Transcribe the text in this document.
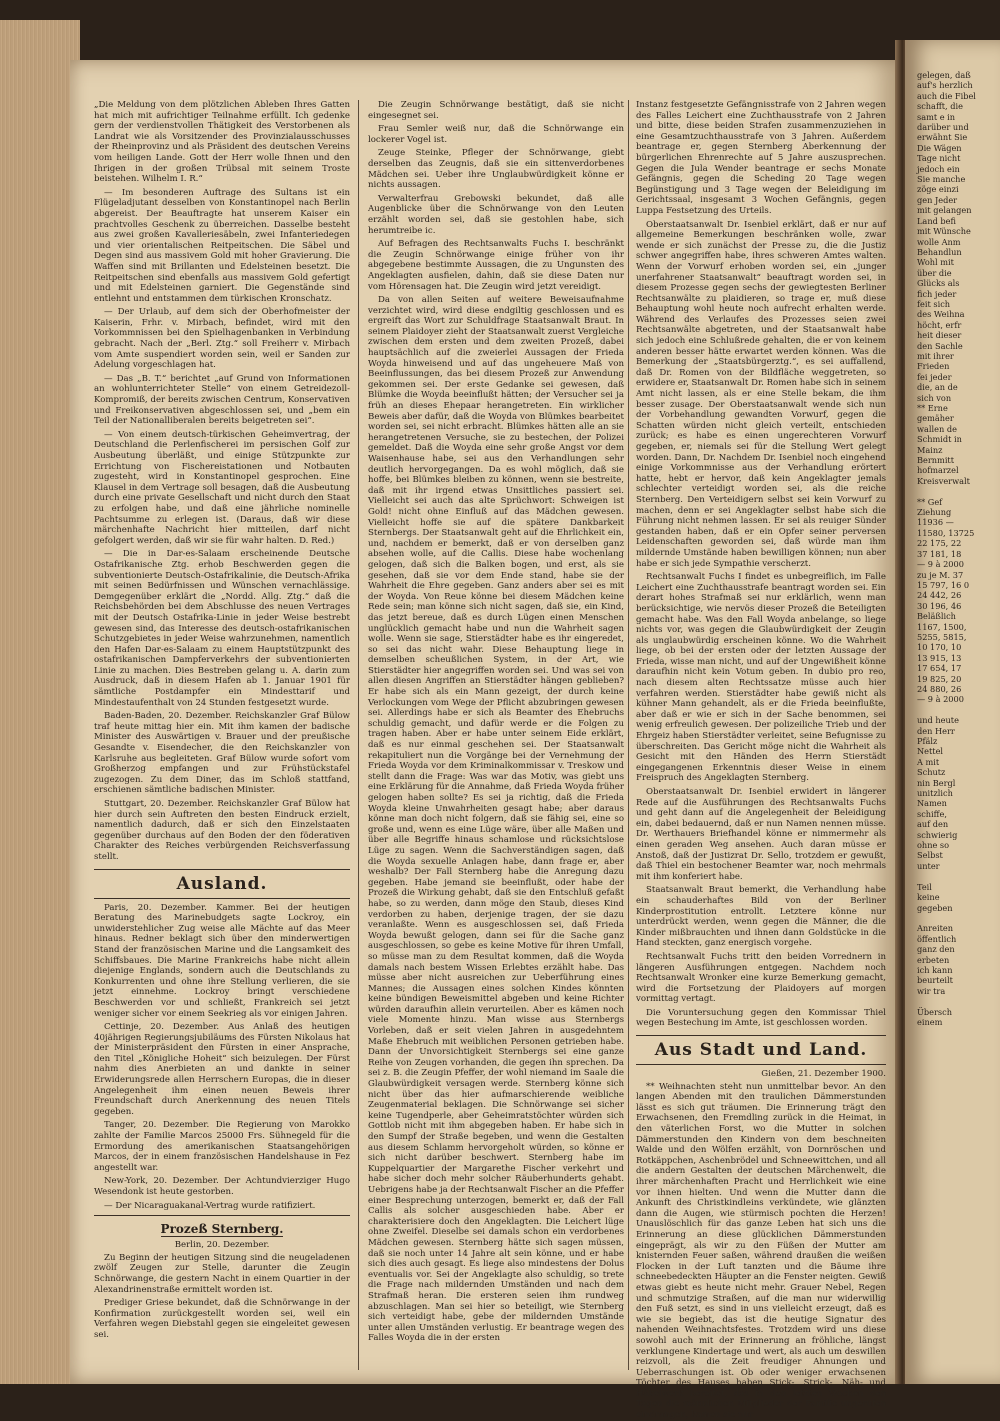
„Die Meldung von dem plötzlichen Ableben Ihres Gatten hat mich mit aufrichtiger Teilnahme erfüllt. Ich gedenke gern der verdienstvollen Thätigkeit des Verstorbenen als Landrat wie als Vorsitzender des Provinzialausschusses der Rheinprovinz und als Präsident des deutschen Vereins vom heiligen Lande. Gott der Herr wolle Ihnen und den Ihrigen in der großen Trübsal mit seinem Troste beistehen. Wilhelm I. R.“

— Im besonderen Auftrage des Sultans ist ein Flügeladjutant desselben von Konstantinopel nach Berlin abgereist. Der Beauftragte hat unserem Kaiser ein prachtvolles Geschenk zu überreichen. Dasselbe besteht aus zwei großen Kavalleriesäbeln, zwei Infanteriedegen und vier orientalischen Reitpeitschen. Die Säbel und Degen sind aus massivem Gold mit hoher Gravierung. Die Waffen sind mit Brillanten und Edelsteinen besetzt. Die Reitpeitschen sind ebenfalls aus massivem Gold gefertigt und mit Edelsteinen garniert. Die Gegenstände sind entlehnt und entstammen dem türkischen Kronschatz.

— Der Urlaub, auf dem sich der Oberhofmeister der Kaiserin, Frhr. v. Mirbach, befindet, wird mit den Vorkommnissen bei den Spielhagenbanken in Verbindung gebracht. Nach der „Berl. Ztg.“ soll Freiherr v. Mirbach vom Amte suspendiert worden sein, weil er Sanden zur Adelung vorgeschlagen hat.

— Das „B. T.“ berichtet „auf Grund von Informationen an wohlunterrichteter Stelle“ von einem Getreidezoll-Kompromiß, der bereits zwischen Centrum, Konservativen und Freikonservativen abgeschlossen sei, und „bem ein Teil der Nationalliberalen bereits beigetreten sei“.

— Von einem deutsch-türkischen Geheimvertrag, der Deutschland die Perlenfischerei im persischen Golf zur Ausbeutung überläßt, und einige Stützpunkte zur Errichtung von Fischereistationen und Notbauten zugesteht, wird in Konstantinopel gesprochen. Eine Klausel in dem Vertrage soll besagen, daß die Ausbeutung durch eine private Gesellschaft und nicht durch den Staat zu erfolgen habe, und daß eine jährliche nominelle Pachtsumme zu erlegen ist. (Daraus, daß wir diese märchenhafte Nachricht hier mitteilen, darf nicht gefolgert werden, daß wir sie für wahr halten. D. Red.)

— Die in Dar-es-Salaam erscheinende Deutsche Ostafrikanische Ztg. erhob Beschwerden gegen die subventionierte Deutsch-Ostafrikalinie, die Deutsch-Afrika mit seinen Bedürfnissen und Wünschen vernachlässige. Demgegenüber erklärt die „Nordd. Allg. Ztg.“ daß die Reichsbehörden bei dem Abschlusse des neuen Vertrages mit der Deutsch Ostafrika-Linie in jeder Weise bestrebt gewesen sind, das Interesse des deutsch-ostafrikanischen Schutzgebietes in jeder Weise wahrzunehmen, namentlich den Hafen Dar-es-Salaam zu einem Hauptstützpunkt des ostafrikanischen Dampferverkehrs der subventionierten Linie zu machen. Dies Bestreben gelang u. A. darin zum Ausdruck, daß in diesem Hafen ab 1. Januar 1901 für sämtliche Postdampfer ein Mindesttarif und Mindestaufenthalt von 24 Stunden festgesetzt wurde.

Baden-Baden, 20. Dezember. Reichskanzler Graf Bülow traf heute mittag hier ein. Mit ihm kamen der badische Minister des Auswärtigen v. Brauer und der preußische Gesandte v. Eisendecher, die den Reichskanzler von Karlsruhe aus begleiteten. Graf Bülow wurde sofort vom Großherzog empfangen und zur Frühstückstafel zugezogen. Zu dem Diner, das im Schloß stattfand, erschienen sämtliche badischen Minister.

Stuttgart, 20. Dezember. Reichskanzler Graf Bülow hat hier durch sein Auftreten den besten Eindruck erzielt, namentlich dadurch, daß er sich den Einzelstaaten gegenüber durchaus auf den Boden der den föderativen Charakter des Reiches verbürgenden Reichsverfassung stellt.

Ausland.

Paris, 20. Dezember. Kammer. Bei der heutigen Beratung des Marinebudgets sagte Lockroy, ein unwiderstehlicher Zug weise alle Mächte auf das Meer hinaus. Redner beklagt sich über den minderwertigen Stand der französischen Marine und die Langsamkeit des Schiffsbaues. Die Marine Frankreichs habe nicht allein diejenige Englands, sondern auch die Deutschlands zu Konkurrenten und ohne ihre Stellung verlieren, die sie jetzt einnehme. Lockroy bringt verschiedene Beschwerden vor und schließt, Frankreich sei jetzt weniger sicher vor einem Seekrieg als vor einigen Jahren.

Cettinje, 20. Dezember. Aus Anlaß des heutigen 40jährigen Regierungsjubiläums des Fürsten Nikolaus hat der Ministerpräsident den Fürsten in einer Ansprache, den Titel „Königliche Hoheit“ sich beizulegen. Der Fürst nahm dies Anerbieten an und dankte in seiner Erwiderungsrede allen Herrschern Europas, die in dieser Angelegenheit ihm einen neuen Beweis ihrer Freundschaft durch Anerkennung des neuen Titels gegeben.

Tanger, 20. Dezember. Die Regierung von Marokko zahlte der Familie Marcos 25000 Frs. Sühnegeld für die Ermordung des amerikanischen Staatsangehörigen Marcos, der in einem französischen Handelshause in Fez angestellt war.

New-York, 20. Dezember. Der Achtundvierziger Hugo Wesendonk ist heute gestorben.

— Der Nicaraguakanal-Vertrag wurde ratifiziert.

Prozeß Sternberg.
Berlin, 20. Dezember.

Zu Beginn der heutigen Sitzung sind die neugeladenen zwölf Zeugen zur Stelle, darunter die Zeugin Schnörwange, die gestern Nacht in einem Quartier in der Alexandrinenstraße ermittelt worden ist.

Prediger Griese bekundet, daß die Schnörwange in der Konfirmation zurückgestellt worden sei, weil ein Verfahren wegen Diebstahl gegen sie eingeleitet gewesen sei.

Die Zeugin Schnörwange bestätigt, daß sie nicht eingesegnet sei.

Frau Semler weiß nur, daß die Schnörwange ein lockerer Vogel ist.

Zeuge Steinke, Pfleger der Schnörwange, giebt derselben das Zeugnis, daß sie ein sittenverdorbenes Mädchen sei. Ueber ihre Unglaubwürdigkeit könne er nichts aussagen.

Verwalterfrau Grebowski bekundet, daß alle Augenblicke über die Schnörwange von den Leuten erzählt worden sei, daß sie gestohlen habe, sich herumtreibe ic.

Auf Befragen des Rechtsanwalts Fuchs I. beschränkt die Zeugin Schnörwange einige früher von ihr abgegebene bestimmte Aussagen, die zu Ungunsten des Angeklagten ausfielen, dahin, daß sie diese Daten nur vom Hörensagen hat. Die Zeugin wird jetzt vereidigt.

Da von allen Seiten auf weitere Beweisaufnahme verzichtet wird, wird diese endgiltig geschlossen und es ergreift das Wort zur Schuldfrage Staatsanwalt Braut. In seinem Plaidoyer zieht der Staatsanwalt zuerst Vergleiche zwischen dem ersten und dem zweiten Prozeß, dabei hauptsächlich auf die zweierlei Aussagen der Frieda Woyda hinweisend und auf das ungeheuere Maß von Beeinflussungen, das bei diesem Prozeß zur Anwendung gekommen sei. Der erste Gedanke sei gewesen, daß Blümke die Woyda beeinflußt hätten; der Versucher sei ja früh an dieses Ehepaar herangetreten. Ein wirklicher Beweis aber dafür, daß die Woyda von Blümkes bearbeitet worden sei, sei nicht erbracht. Blümkes hätten alle an sie herangetretenen Versuche, sie zu bestechen, der Polizei gemeldet. Daß die Woyda eine sehr große Angst vor dem Waisenhause habe, sei aus den Verhandlungen sehr deutlich hervorgegangen. Da es wohl möglich, daß sie hoffe, bei Blümkes bleiben zu können, wenn sie bestreite, daß mit ihr irgend etwas Unsittliches passiert sei. Vielleicht sei auch das alte Sprüchwort: Schweigen ist Gold! nicht ohne Einfluß auf das Mädchen gewesen. Vielleicht hoffe sie auf die spätere Dankbarkeit Sternbergs. Der Staatsanwalt geht auf die Ehrlichkeit ein, und, nachdem er bemerkt, daß er von derselben ganz absehen wolle, auf die Callis. Diese habe wochenlang gelogen, daß sich die Balken bogen, und erst, als sie gesehen, daß sie vor dem Ende stand, habe sie der Wahrheit die Ehre gegeben. Ganz anders aber sei es mit der Woyda. Von Reue könne bei diesem Mädchen keine Rede sein; man könne sich nicht sagen, daß sie, ein Kind, das jetzt bereue, daß es durch Lügen einen Menschen unglücklich gemacht habe und nun die Wahrheit sagen wolle. Wenn sie sage, Stierstädter habe es ihr eingeredet, so sei das nicht wahr. Diese Behauptung liege in demselben scheußlichen System, in der Art, wie Stierstädter hier angegriffen worden sei. Und was sei von allen diesen Angriffen an Stierstädter hängen geblieben? Er habe sich als ein Mann gezeigt, der durch keine Verlockungen vom Wege der Pflicht abzubringen gewesen sei. Allerdings habe er sich als Beamter des Ehebruchs schuldig gemacht, und dafür werde er die Folgen zu tragen haben. Aber er habe unter seinem Eide erklärt, daß es nur einmal geschehen sei. Der Staatsanwalt rekapituliert nun die Vorgänge bei der Vernehmung der Frieda Woyda vor dem Kriminalkommissar v. Treskow und stellt dann die Frage: Was war das Motiv, was giebt uns eine Erklärung für die Annahme, daß Frieda Woyda früher gelogen haben sollte? Es sei ja richtig, daß die Frieda Woyda kleine Unwahrheiten gesagt habe; aber daraus könne man doch nicht folgern, daß sie fähig sei, eine so große und, wenn es eine Lüge wäre, über alle Maßen und über alle Begriffe hinaus schamlose und rücksichtslose Lüge zu sagen. Wenn die Sachverständigen sagen, daß die Woyda sexuelle Anlagen habe, dann frage er, aber weshalb? Der Fall Sternberg habe die Anregung dazu gegeben. Habe jemand sie beeinflußt, oder habe der Prozeß die Wirkung gehabt, daß sie den Entschluß gefaßt habe, so zu werden, dann möge den Staub, dieses Kind verdorben zu haben, derjenige tragen, der sie dazu veranlaßte. Wenn es ausgeschlossen sei, daß Frieda Woyda bewußt gelogen, dann sei für die Sache ganz ausgeschlossen, so gebe es keine Motive für ihren Umfall, so müsse man zu dem Resultat kommen, daß die Woyda damals nach bestem Wissen Erlebtes erzählt habe. Das müsse aber nicht ausreichen zur Ueberführung eines Mannes; die Aussagen eines solchen Kindes könnten keine bündigen Beweismittel abgeben und keine Richter würden daraufhin allein verurteilen. Aber es kämen noch viele Momente hinzu. Man wisse aus Sternbergs Vorleben, daß er seit vielen Jahren in ausgedehntem Maße Ehebruch mit weiblichen Personen getrieben habe. Dann der Unvorsichtigkeit Sternbergs sei eine ganze Reihe von Zeugen vorhanden, die gegen ihn sprechen. Da sei z. B. die Zeugin Pfeffer, der wohl niemand im Saale die Glaubwürdigkeit versagen werde. Sternberg könne sich nicht über das hier aufmarschierende weibliche Zeugenmaterial beklagen. Die Schnörwange sei sicher keine Tugendperle, aber Geheimratstöchter würden sich Gottlob nicht mit ihm abgegeben haben. Er habe sich in den Sumpf der Straße begeben, und wenn die Gestalten aus diesem Schlamm hervorgeholt würden, so könne er sich nicht darüber beschwert. Sternberg habe im Kuppelquartier der Margarethe Fischer verkehrt und habe sicher doch mehr solcher Räuberhunderts gehabt. Uebrigens habe ja der Rechtsanwalt Fischer an die Pfeffer einer Besprechung unterzogen, bemerkt er, daß der Fall Callis als solcher ausgeschieden habe. Aber er charakterisiere doch den Angeklagten. Die Leichert lüge ohne Zweifel. Dieselbe sei damals schon ein verdorbenes Mädchen gewesen. Sternberg hätte sich sagen müssen, daß sie noch unter 14 Jahre alt sein könne, und er habe sich dies auch gesagt. Es liege also mindestens der Dolus eventualis vor. Sei der Angeklagte also schuldig, so trete die Frage nach mildernden Umständen und nach dem Strafmaß heran. Die ersteren seien ihm rundweg abzuschlagen. Man sei hier so beteiligt, wie Sternberg sich verteidigt habe, gebe der mildernden Umstände unter allen Umständen verlustig. Er beantrage wegen des Falles Woyda die in der ersten

Instanz festgesetzte Gefängnisstrafe von 2 Jahren wegen des Falles Leichert eine Zuchthausstrafe von 2 Jahren und bitte, diese beiden Strafen zusammenzuziehen in eine Gesamtzuchthausstrafe von 3 Jahren. Außerdem beantrage er, gegen Sternberg Aberkennung der bürgerlichen Ehrenrechte auf 5 Jahre auszusprechen. Gegen die Jula Wender beantrage er sechs Monate Gefängnis, gegen die Scheding 20 Tage wegen Begünstigung und 3 Tage wegen der Beleidigung im Gerichtssaal, insgesamt 3 Wochen Gefängnis, gegen Luppa Festsetzung des Urteils.

Oberstaatsanwalt Dr. Isenbiel erklärt, daß er nur auf allgemeine Bemerkungen beschränken wolle, zwar wende er sich zunächst der Presse zu, die die Justiz schwer angegriffen habe, ihres schweren Amtes walten. Wenn der Vorwurf erhoben worden sei, ein „junger unerfahrener Staatsanwalt“ beauftragt worden sei, in diesem Prozesse gegen sechs der gewiegtesten Berliner Rechtsanwälte zu plaidieren, so trage er, muß diese Behauptung wohl heute noch aufrecht erhalten werde. Während des Verlaufes des Prozesses seien zwei Rechtsanwälte abgetreten, und der Staatsanwalt habe sich jedoch eine Schlußrede gehalten, die er von keinem anderen besser hätte erwartet werden können. Was die Bemerkung der „Staatsbürgerztg.“, es sei auffallend, daß Dr. Romen von der Bildfläche weggetreten, so erwidere er, Staatsanwalt Dr. Romen habe sich in seinem Amt nicht lassen, als er eine Stelle bekam, die ihm besser zusage. Der Oberstaatsanwalt wende sich nun der Vorbehandlung gewandten Vorwurf, gegen die Schatten würden nicht gleich verteilt, entschieden zurück; es habe es einen ungerechteren Vorwurf gegeben, er, niemals sei für die Stellung Wert gelegt worden. Dann, Dr. Nachdem Dr. Isenbiel noch eingehend einige Vorkommnisse aus der Verhandlung erörtert hatte, hebt er hervor, daß kein Angeklagter jemals schlechter verteidigt worden sei, als die reiche Sternberg. Den Verteidigern selbst sei kein Vorwurf zu machen, denn er sei Angeklagter selbst habe sich die Führung nicht nehmen lassen. Er sei als reuiger Sünder gestanden haben, daß er ein Opfer seiner perversen Leidenschaften geworden sei, daß würde man ihm mildernde Umstände haben bewilligen können; nun aber habe er sich jede Sympathie verscherzt.

Rechtsanwalt Fuchs I findet es unbegreiflich, im Falle Leichert eine Zuchthausstrafe beantragt worden sei. Ein derart hohes Strafmaß sei nur erklärlich, wenn man berücksichtige, wie nervös dieser Prozeß die Beteiligten gemacht habe. Was den Fall Woyda anbelange, so liege nichts vor, was gegen die Glaubwürdigkeit der Zeugin als unglaubwürdig erscheinen könne. Wo die Wahrheit liege, ob bei der ersten oder der letzten Aussage der Frieda, wisse man nicht, und auf der Ungewißheit könne daraufhin nicht kein Votum geben. In dubio pro reo, nach diesem alten Rechtssatze müsse auch hier verfahren werden. Stierstädter habe gewiß nicht als kühner Mann gehandelt, als er die Frieda beeinflußte, aber daß er wie er sich in der Sache benommen, sei wenig erfreulich gewesen. Der polizeiliche Trieb und der Ehrgeiz haben Stierstädter verleitet, seine Befugnisse zu überschreiten. Das Gericht möge nicht die Wahrheit als Gesicht mit den Händen des Herrn Stierstädt eingegangenen Erkenntnis dieser Weise in einem Freispruch des Angeklagten Sternberg.

Oberstaatsanwalt Dr. Isenbiel erwidert in längerer Rede auf die Ausführungen des Rechtsanwalts Fuchs und geht dann auf die Angelegenheit der Beleidigung ein, dabei bedauernd, daß er nun Namen nennen müsse. Dr. Werthauers Briefhandel könne er nimmermehr als einen geraden Weg ansehen. Auch daran müsse er Anstoß, daß der Justizrat Dr. Sello, trotzdem er gewußt, daß Thiel ein bestochener Beamter war, noch mehrmals mit ihm konferiert habe.

Staatsanwalt Braut bemerkt, die Verhandlung habe ein schauderhaftes Bild von der Berliner Kinderprostitution entrollt. Letztere könne nur unterdrückt werden, wenn gegen die Männer, die die Kinder mißbrauchten und ihnen dann Goldstücke in die Hand steckten, ganz energisch vorgehe.

Rechtsanwalt Fuchs tritt den beiden Vorrednern in längeren Ausführungen entgegen. Nachdem noch Rechtsanwalt Wronker eine kurze Bemerkung gemacht, wird die Fortsetzung der Plaidoyers auf morgen vormittag vertagt.

Die Voruntersuchung gegen den Kommissar Thiel wegen Bestechung im Amte, ist geschlossen worden.

Aus Stadt und Land.
Gießen, 21. Dezember 1900.

** Weihnachten steht nun unmittelbar bevor. An den langen Abenden mit den traulichen Dämmerstunden lässt es sich gut träumen. Die Erinnerung trägt den Erwachsenen, den Fremdling zurück in die Heimat, in den väterlichen Forst, wo die Mutter in solchen Dämmerstunden den Kindern von dem beschneiten Walde und den Wölfen erzählt, von Dornröschen und Rotkäppchen, Aschenbrödel und Schneewittchen, und all die andern Gestalten der deutschen Märchenwelt, die ihrer märchenhaften Pracht und Herrlichkeit wie eine vor ihnen hielten. Und wenn die Mutter dann die Ankunft des Christkindleins verkündete, wie glänzten dann die Augen, wie stürmisch pochten die Herzen! Unauslöschlich für das ganze Leben hat sich uns die Erinnerung an diese glücklichen Dämmerstunden eingeprägt, als wir zu den Füßen der Mutter am knisternden Feuer saßen, während draußen die weißen Flocken in der Luft tanzten und die Bäume ihre schneebedeckten Häupter an die Fenster neigten. Gewiß etwas giebt es heute nicht mehr. Grauer Nebel, Regen und schmutzige Straßen, auf die man nur widerwillig den Fuß setzt, es sind in uns vielleicht erzeugt, daß es wie sie begiebt, das ist die heutige Signatur des nahenden Weihnachtsfestes. Trotzdem wird uns diese sowohl auch mit der Erinnerung an fröhliche, längst verklungene Kindertage und wert, als auch um deswillen reizvoll, als die Zeit freudiger Ahnungen und Ueberraschungen ist. Ob oder weniger erwachsenen Töchter des Hauses haben Stick-, Strick-, Näh- und Häkelwerk bereitet, das in den letzten Wochen den Tagen die männlichen Mitglieder der Familie ungerufen eindrangen, kamen sie nur

gelegen, daß
auf's herzlich
auch die Fibel
schafft, die
samt e in
darüber und
erwähnt Sie
Die Wägen
Tage nicht
jedoch ein
Sie manche
zöge einzi
gen Jeder
mit gelangen
Land befi
mit Wünsche
wolle Anm
Behandlun
Wohl mit
über die
Glücks als
fich jeder
feit sich
des Weihna
höcht, erfr
heit dieser
den Sachle
mit ihrer
Frieden
fei jeder
die, an de
sich von
** Erne
gemäher
wallen de
Schmidt in
Mainz
Bernmitt
hofmarzel
Kreisverwalt

** Gef
Ziehung
11936 —
11580, 13725
22 175, 22
37 181, 18
— 9 à 2000
zu je M. 37
15 797, 16 0
24 442, 26
30 196, 46
Beläßlich
1167, 1500,
5255, 5815,
10 170, 10
13 915, 13
17 654, 17
19 825, 20
24 880, 26
— 9 à 2000

und heute
den Herr
Pfälz
Nettel
A mit
Schutz
nin Bergl
unitzlich
Namen
schiffe,
auf den
schwierig
ohne so
Selbst
unter

Teil
keine
gegeben

Anreiten
öffentlich
ganz den
erbeten
ich kann
beurteilt
wir tra

Übersch
einem
